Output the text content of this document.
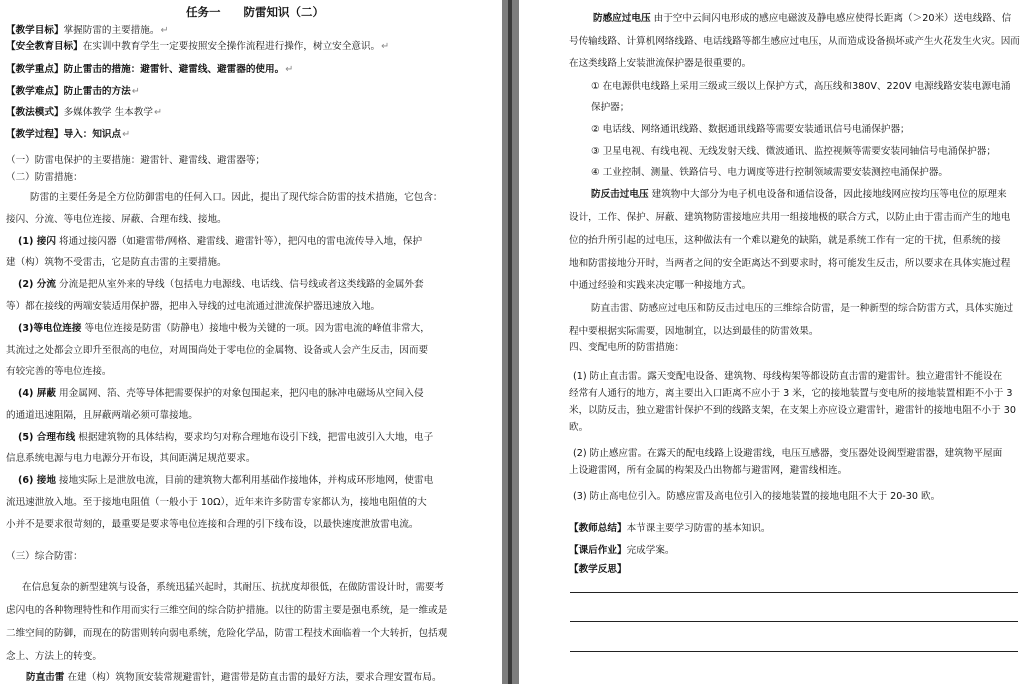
任务一　　防雷知识（二）
【教学目标】掌握防雷的主要措施。↵
【安全教育目标】在实训中教育学生一定要按照安全操作流程进行操作，树立安全意识。↵
【教学重点】防止雷击的措施：避雷针、避雷线、避雷器的使用。↵
【教学难点】防止雷击的方法↵
【教法模式】多媒体教学 生本教学↵
【教学过程】导入：知识点↵
（一）防雷电保护的主要措施：避雷针、避雷线、避雷器等；
（二）防雷措施：
防雷的主要任务是全方位防御雷电的任何入口。因此，提出了现代综合防雷的技术措施，它包含：
接闪、分流、等电位连接、屏蔽、合理布线、接地。
(1) 接闪 将通过接闪器（如避雷带/网格、避雷线、避雷针等），把闪电的雷电流传导入地，保护
建（构）筑物不受雷击，它是防直击雷的主要措施。
(2) 分流 分流是把从室外来的导线（包括电力电源线、电话线、信号线或者这类线路的金属外套
等）都在接线的两端安装适用保护器，把串入导线的过电流通过泄流保护器迅速放入地。
(3)等电位连接 等电位连接是防雷（防静电）接地中极为关键的一项。因为雷电流的峰值非常大，
其流过之处都会立即升至很高的电位，对周围尚处于零电位的金属物、设备或人会产生反击，因而要
有较完善的等电位连接。
(4) 屏蔽 用金属网、箔、壳等导体把需要保护的对象包围起来，把闪电的脉冲电磁场从空间入侵
的通道迅速阻隔，且屏蔽两端必须可靠接地。
(5) 合理布线 根据建筑物的具体结构，要求均匀对称合理地布设引下线，把雷电波引入大地，电子
信息系统电源与电力电源分开布设，其间距满足规范要求。
(6) 接地 接地实际上是泄放电流，目前的建筑物大都利用基础作接地体，并构成环形地网，使雷电
流迅速泄放入地。至于接地电阻值（一般小于 10Ω），近年来许多防雷专家都认为，接地电阻值的大
小并不是要求很苛刻的，最重要是要求等电位连接和合理的引下线布设，以最快速度泄放雷电流。
（三）综合防雷：
在信息复杂的新型建筑与设备，系统迅猛兴起时，其耐压、抗扰度却很低，在做防雷设计时，需要考
虑闪电的各种物理特性和作用而实行三维空间的综合防护措施。以往的防雷主要是强电系统，是一维或是
二维空间的防御，而现在的防雷则转向弱电系统，危险化学品，防雷工程技术面临着一个大转折，包括观
念上、方法上的转变。
防直击雷 在建（构）筑物顶安装常规避雷针，避雷带是防直击雷的最好方法，要求合理安置布局。
防感应过电压 由于空中云间闪电形成的感应电磁波及静电感应使得长距离（＞20米）送电线路、信
号传输线路、计算机网络线路、电话线路等都生感应过电压，从而造成设备损坏或产生火花发生火灾。因而
在这类线路上安装泄流保护器是很重要的。
① 在电源供电线路上采用三级或三级以上保护方式，高压线和380V、220V 电源线路安装电源电涌
保护器；
② 电话线、网络通讯线路、数据通讯线路等需要安装通讯信号电涌保护器；
③ 卫星电视、有线电视、无线发射天线、微波通讯、监控视频等需要安装同轴信号电涌保护器；
④ 工业控制、测量、铁路信号、电力调度等进行控制领域需要安装测控电涌保护器。
防反击过电压 建筑物中大部分为电子机电设备和通信设备，因此接地线网应按均压等电位的原理来
设计，工作、保护、屏蔽、建筑物防雷接地应共用一组接地极的联合方式，以防止由于雷击而产生的地电
位的抬升所引起的过电压，这种做法有一个难以避免的缺陷，就是系统工作有一定的干扰，但系统的接
地和防雷接地分开时，当两者之间的安全距离达不到要求时，将可能发生反击，所以要求在具体实施过程
中通过经验和实践来决定哪一种接地方式。
防直击雷、防感应过电压和防反击过电压的三维综合防雷，是一种新型的综合防雷方式，具体实施过
程中要根据实际需要，因地制宜，以达到最佳的防雷效果。
四、变配电所的防雷措施：
(1) 防止直击雷。露天变配电设备、建筑物、母线构架等都设防直击雷的避雷针。独立避雷针不能设在
经常有人通行的地方，离主要出入口距离不应小于 3 米，它的接地装置与变电所的接地装置相距不小于 3
米，以防反击，独立避雷针保护不到的线路支架，在支架上亦应设立避雷针，避雷针的接地电阻不小于 30
欧。
(2) 防止感应雷。在露天的配电线路上设避雷线，电压互感器，变压器处设阀型避雷器，建筑物平屋面
上设避雷网，所有金属的构架及凸出物都与避雷网，避雷线相连。
(3) 防止高电位引入。防感应雷及高电位引入的接地装置的接地电阻不大于 20-30 欧。
【教师总结】本节课主要学习防雷的基本知识。
【课后作业】完成学案。
【教学反思】
